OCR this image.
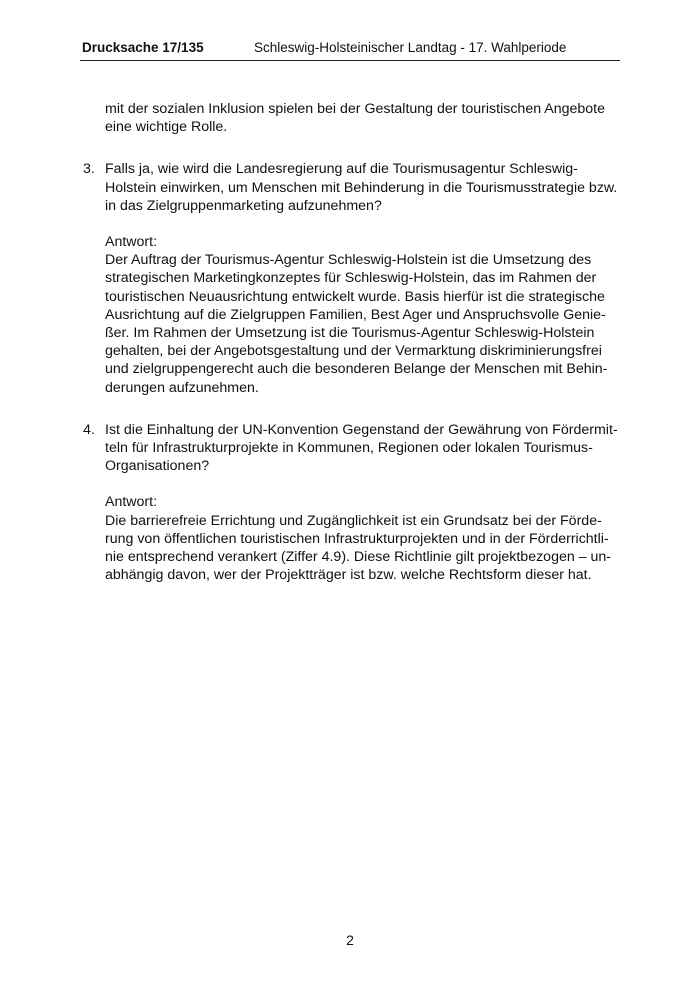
Drucksache 17/135	Schleswig-Holsteinischer Landtag - 17. Wahlperiode

mit der sozialen Inklusion spielen bei der Gestaltung der touristischen Angebote

eine wichtige Rolle.

3. Falls ja, wie wird die Landesregierung auf die Tourismusagentur Schleswig-

Holstein einwirken, um Menschen mit Behinderung in die Tourismusstrategie bzw.

in das Zielgruppenmarketing aufzunehmen?

Antwort:

Der Auftrag der Tourismus-Agentur Schleswig-Holstein ist die Umsetzung des

strategischen Marketingkonzeptes für Schleswig-Holstein, das im Rahmen der

touristischen Neuausrichtung entwickelt wurde. Basis hierfür ist die strategische

Ausrichtung auf die Zielgruppen Familien, Best Ager und Anspruchsvolle Genie-

ßer. Im Rahmen der Umsetzung ist die Tourismus-Agentur Schleswig-Holstein

gehalten, bei der Angebotsgestaltung und der Vermarktung diskriminierungsfrei

und zielgruppengerecht auch die besonderen Belange der Menschen mit Behin-

derungen aufzunehmen.

4. Ist die Einhaltung der UN-Konvention Gegenstand der Gewährung von Fördermit-

teln für Infrastrukturprojekte in Kommunen, Regionen oder lokalen Tourismus-

Organisationen?

Antwort:

Die barrierefreie Errichtung und Zugänglichkeit ist ein Grundsatz bei der Förde-

rung von öffentlichen touristischen Infrastrukturprojekten und in der Förderrichtli-

nie entsprechend verankert (Ziffer 4.9). Diese Richtlinie gilt projektbezogen – un-

abhängig davon, wer der Projektträger ist bzw. welche Rechtsform dieser hat.

2
